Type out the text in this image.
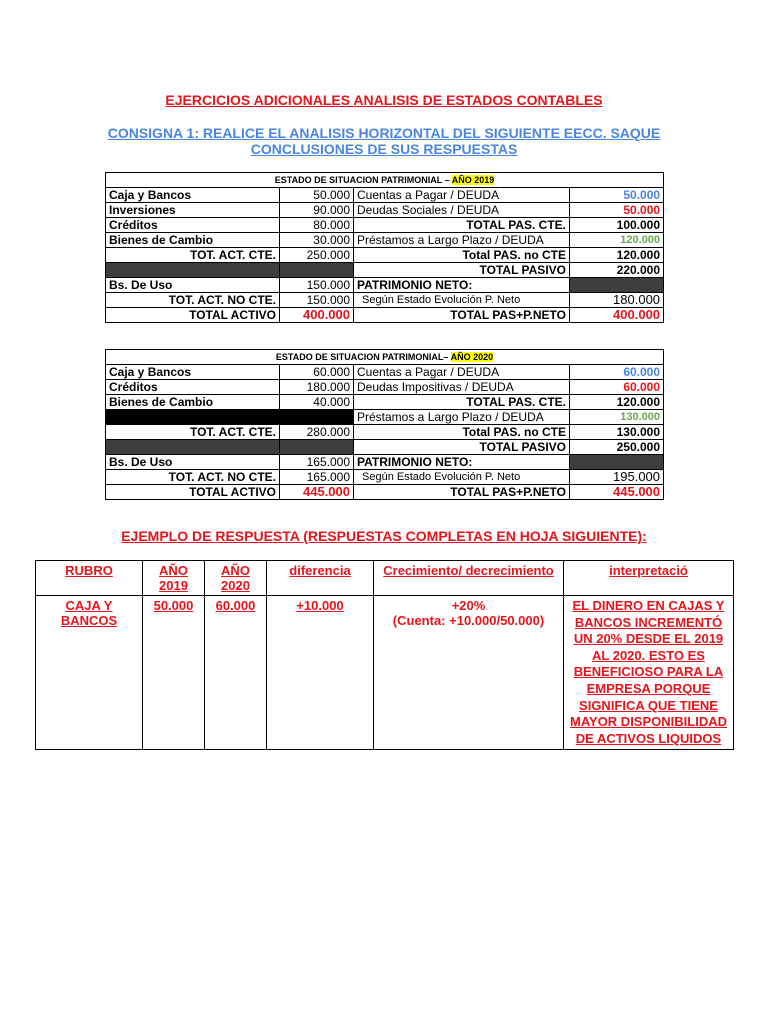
EJERCICIOS ADICIONALES ANALISIS DE ESTADOS CONTABLES
CONSIGNA 1: REALICE EL ANALISIS HORIZONTAL DEL SIGUIENTE EECC. SAQUE CONCLUSIONES DE SUS RESPUESTAS
ESTADO DE SITUACION PATRIMONIAL – AÑO 2019			
Caja y Bancos	50.000	Cuentas a Pagar / DEUDA	50.000
Inversiones	90.000	Deudas Sociales / DEUDA	50.000
Créditos	80.000	TOTAL PAS. CTE.	100.000
Bienes de Cambio	30.000	Préstamos a Largo Plazo / DEUDA	120.000
TOT. ACT. CTE.	250.000	Total PAS. no CTE	120.000
		TOTAL PASIVO	220.000
Bs. De Uso	150.000	PATRIMONIO NETO:	
TOT. ACT. NO CTE.	150.000	Según Estado Evolución P. Neto	180.000
TOTAL ACTIVO	400.000	TOTAL PAS+P.NETO	400.000
ESTADO DE SITUACION PATRIMONIAL– AÑO 2020			
Caja y Bancos	60.000	Cuentas a Pagar / DEUDA	60.000
Créditos	180.000	Deudas Impositivas / DEUDA	60.000
Bienes de Cambio	40.000	TOTAL PAS. CTE.	120.000
		Préstamos a Largo Plazo / DEUDA	130.000
TOT. ACT. CTE.	280.000	Total PAS. no CTE	130.000
		TOTAL PASIVO	250.000
Bs. De Uso	165.000	PATRIMONIO NETO:	
TOT. ACT. NO CTE.	165.000	Según Estado Evolución P. Neto	195.000
TOTAL ACTIVO	445.000	TOTAL PAS+P.NETO	445.000
EJEMPLO DE RESPUESTA (RESPUESTAS COMPLETAS EN HOJA SIGUIENTE):
RUBRO	AÑO 2019	AÑO 2020	diferencia	Crecimiento/ decrecimiento	interpretació
CAJA Y BANCOS	50.000	60.000	+10.000	+20%
(Cuenta: +10.000/50.000)	EL DINERO EN CAJAS Y BANCOS INCREMENTÓ UN 20% DESDE EL 2019 AL 2020. ESTO ES BENEFICIOSO PARA LA EMPRESA PORQUE SIGNIFICA QUE TIENE MAYOR DISPONIBILIDAD DE ACTIVOS LIQUIDOS
